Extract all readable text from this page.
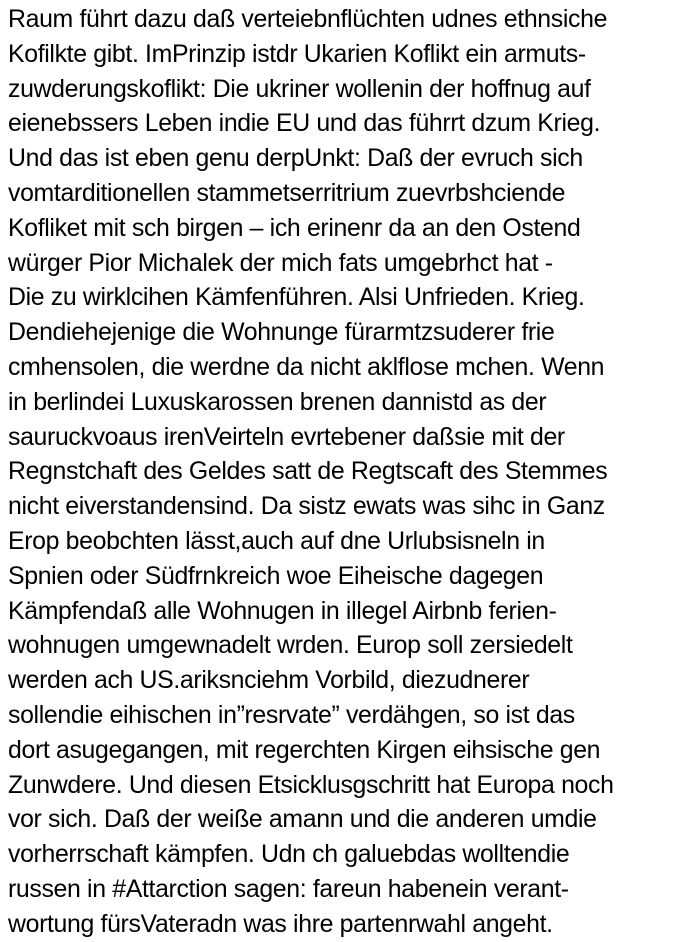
Raum führt dazu daß verteiebnflüchten udnes ethnsiche
Kofilkte gibt. ImPrinzip istdr Ukarien Koflikt ein armuts-
zuwderungskoflikt: Die ukriner wollenin der hoffnug auf
eienebssers Leben indie EU und das führrt dzum Krieg.
Und das ist eben genu derpUnkt: Daß der evruch sich
vomtarditionellen stammetserritrium zuevrbshciende
Kofliket mit sch birgen – ich erinenr da an den Ostend
würger Pior Michalek der mich fats umgebrhct hat -
Die zu wirklcihen Kämfenführen. Alsi Unfrieden. Krieg.
Dendiehejenige die Wohnunge fürarmtzsuderer frie
cmhensolen, die werdne da nicht aklflose mchen. Wenn
in berlindei Luxuskarossen brenen dannistd as der
sauruckvoaus irenVeirteln evrtebener daßsie mit der
Regnstchaft des Geldes satt de Regtscaft des Stemmes
nicht eiverstandensind. Da sistz ewats was sihc in Ganz
Erop beobchten lässt,auch auf dne Urlubsisneln in
Spnien oder Südfrnkreich woe Eiheische dagegen
Kämpfendaß alle Wohnugen in illegel Airbnb ferien-
wohnugen umgewnadelt wrden. Europ soll zersiedelt
werden ach US.ariksnciehm Vorbild, diezudnerer
sollendie eihischen in”resrvate” verdähgen, so ist das
dort asugegangen, mit regerchten Kirgen eihsische gen
Zunwdere. Und diesen Etsicklusgschritt hat Europa noch
vor sich. Daß der weiße amann und die anderen umdie
vorherrschaft kämpfen. Udn ch galuebdas wolltendie
russen in #Attarction sagen: fareun habenein verant-
wortung fürsVateradn was ihre partenrwahl angeht.
